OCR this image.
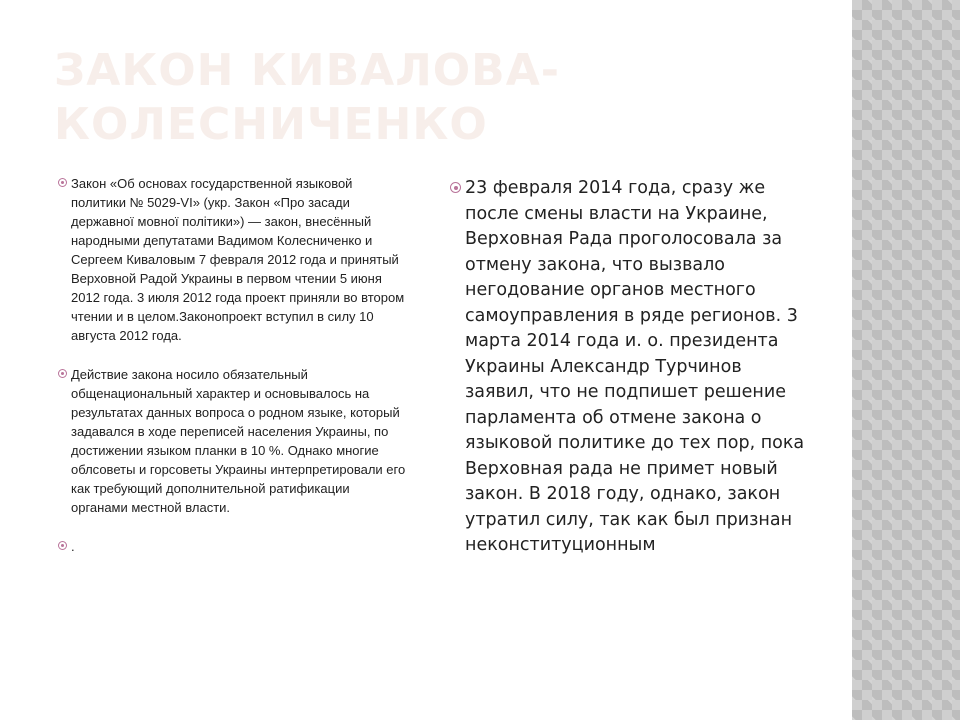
ЗАКОН КИВАЛОВА-КОЛЕСНИЧЕНКО
Закон «Об основах государственной языковой политики № 5029-VI» (укр. Закон «Про засади державної мовної політики») — закон, внесённый народными депутатами Вадимом Колесниченко и Сергеем Киваловым 7 февраля 2012 года и принятый Верховной Радой Украины в первом чтении 5 июня 2012 года. 3 июля 2012 года проект приняли во втором чтении и в целом.Законопроект вступил в силу 10 августа 2012 года.
Действие закона носило обязательный общенациональный характер и основывалось на результатах данных вопроса о родном языке, который задавался в ходе переписей населения Украины, по достижении языком планки в 10 %. Однако многие облсоветы и горсоветы Украины интерпретировали его как требующий дополнительной ратификации органами местной власти.
.
23 февраля 2014 года, сразу же после смены власти на Украине, Верховная Рада проголосовала за отмену закона, что вызвало негодование органов местного самоуправления в ряде регионов. 3 марта 2014 года и. о. президента Украины Александр Турчинов заявил, что не подпишет решение парламента об отмене закона о языковой политике до тех пор, пока Верховная рада не примет новый закон. В 2018 году, однако, закон утратил силу, так как был признан неконституционным
